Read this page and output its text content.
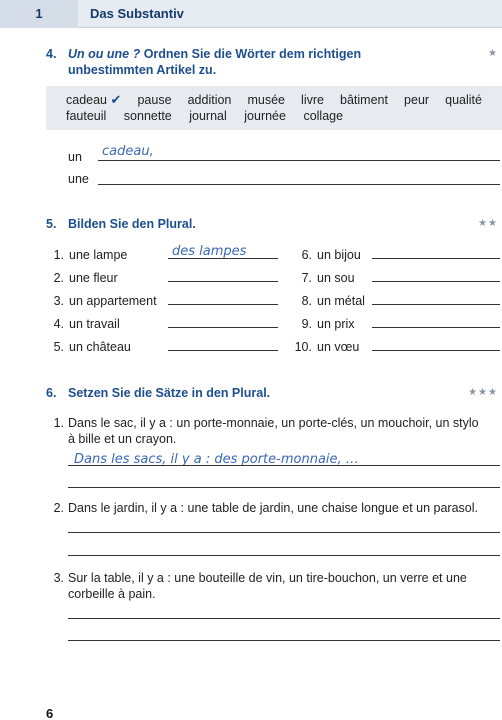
1	Das Substantiv
4. Un ou une ? Ordnen Sie die Wörter dem richtigen unbestimmten Artikel zu.
★
cadeau ✔ pause addition musée livre bâtiment peur qualité
fauteuil sonnette journal journée collage
un cadeau,
une
5. Bilden Sie den Plural.	★★
1. une lampe	des lampes
2. une fleur
3. un appartement
4. un travail
5. un château
6. un bijou
7. un sou
8. un métal
9. un prix
10. un vœu
6. Setzen Sie die Sätze in den Plural.	★★★
1. Dans le sac, il y a : un porte-monnaie, un porte-clés, un mouchoir, un stylo à bille et un crayon.
Dans les sacs, il y a : des porte-monnaie, …
2. Dans le jardin, il y a : une table de jardin, une chaise longue et un parasol.
3. Sur la table, il y a : une bouteille de vin, un tire-bouchon, un verre et une corbeille à pain.
6
